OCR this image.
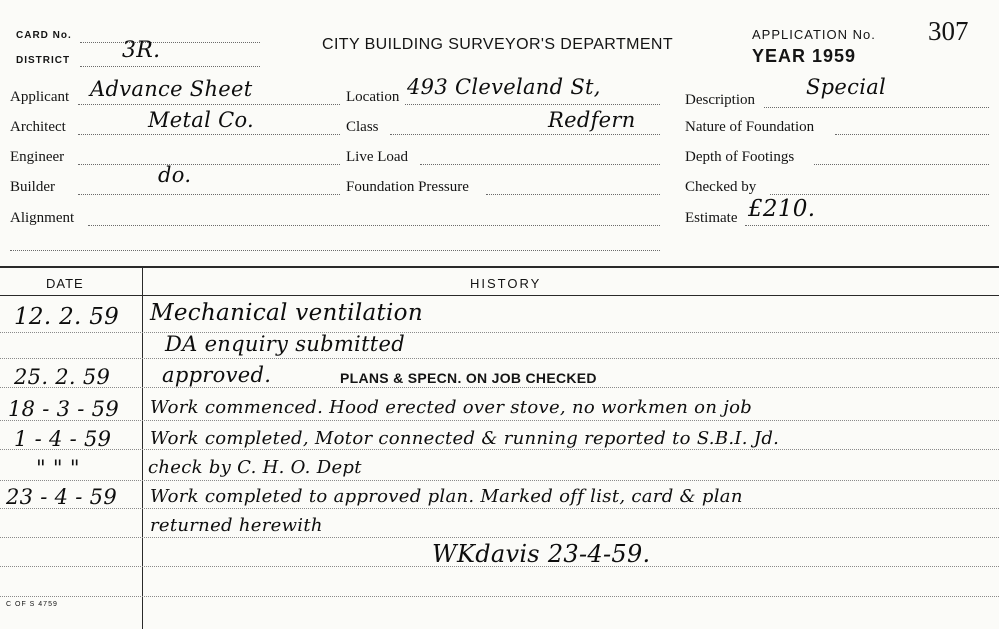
CARD No.
DISTRICT 3R.	CITY BUILDING SURVEYOR'S DEPARTMENT
APPLICATION No. 307
YEAR 1959
Applicant Advance Sheet
Architect	Metal Co.
Engineer
Builder	do.
Alignment
Location 493 Cleveland St,
Class	Redfern
Live Load
Foundation Pressure
Description
Special
Nature of Foundation
Depth of Footings
Checked by
Estimate £210.
DATE	HISTORY
12. 2. 59 Mechanical ventilation
DA enquiry submitted
25. 2. 59 approved.	PLANS & SPECN. ON JOB CHECKED
18 - 3 - 59 Work commenced. Hood erected over stove, no workmen on job
1 - 4 - 59 Work completed, Motor connected & running reported to S.B.I. Jd.
" " "	check by C. H. O. Dept
23 - 4 - 59 Work completed to approved plan. Marked off list, card & plan
returned herewith
WKdavis 23-4-59.
C OF S 4759
